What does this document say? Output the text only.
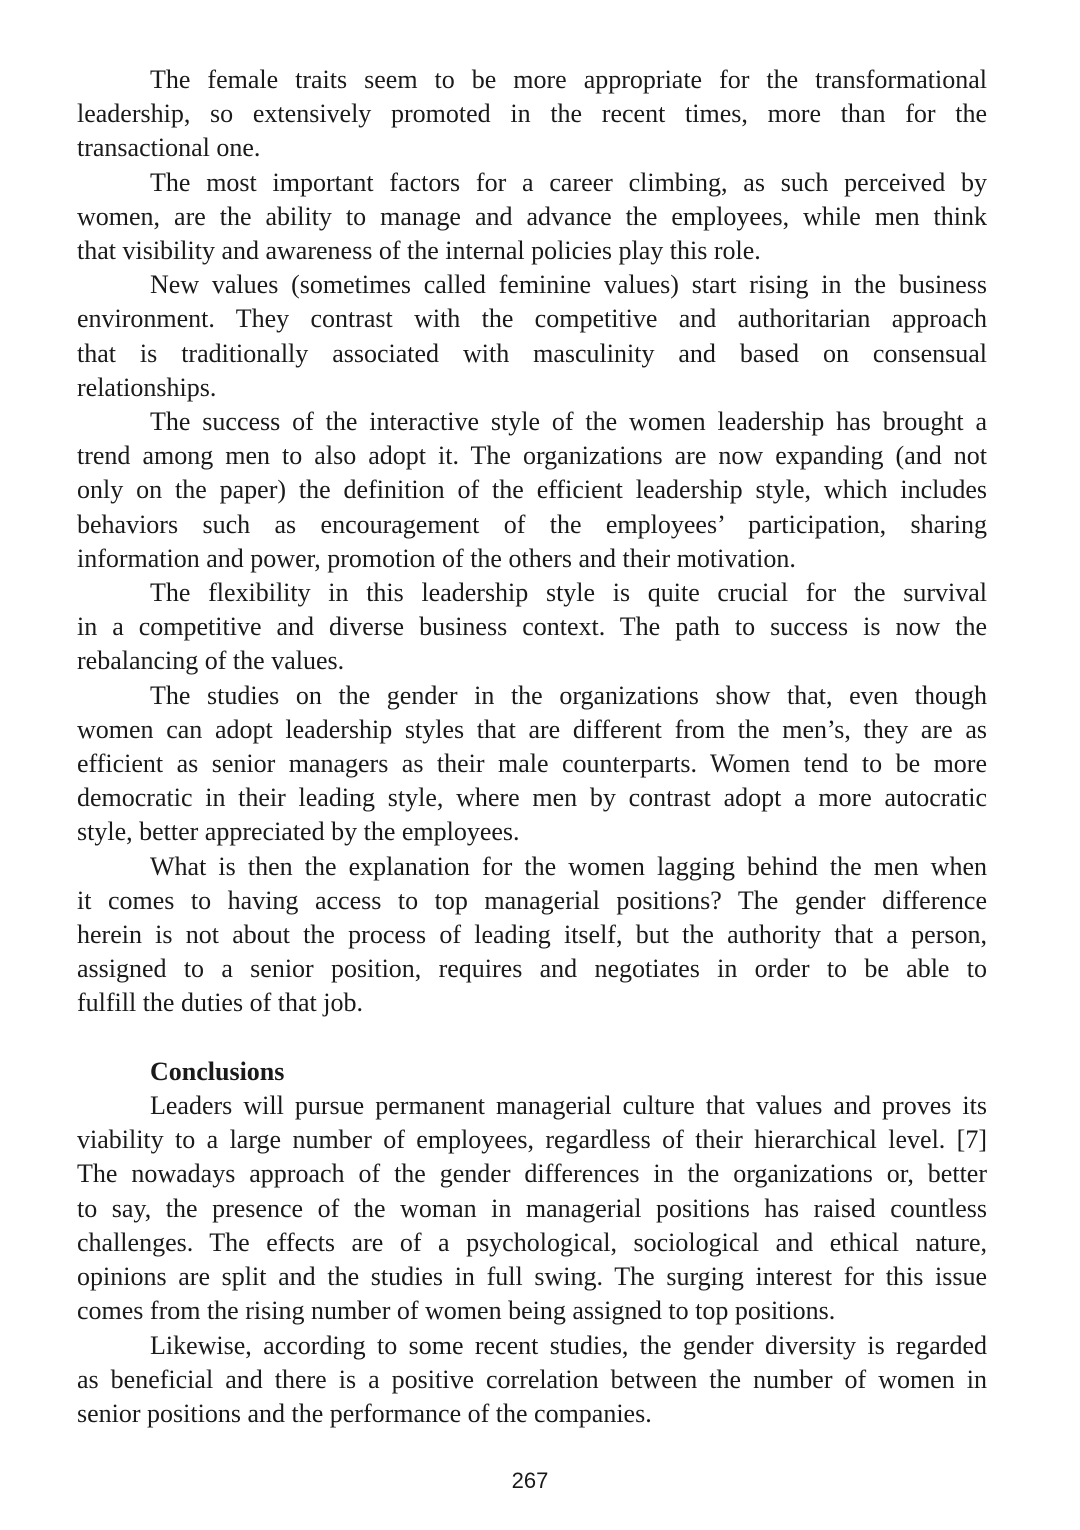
The female traits seem to be more appropriate for the transformational
leadership, so extensively promoted in the recent times, more than for the
transactional one.
The most important factors for a career climbing, as such perceived by
women, are the ability to manage and advance the employees, while men think
that visibility and awareness of the internal policies play this role.
New values (sometimes called feminine values) start rising in the business
environment. They contrast with the competitive and authoritarian approach
that is traditionally associated with masculinity and based on consensual
relationships.
The success of the interactive style of the women leadership has brought a
trend among men to also adopt it. The organizations are now expanding (and not
only on the paper) the definition of the efficient leadership style, which includes
behaviors such as encouragement of the employees’ participation, sharing
information and power, promotion of the others and their motivation.
The flexibility in this leadership style is quite crucial for the survival
in a competitive and diverse business context. The path to success is now the
rebalancing of the values.
The studies on the gender in the organizations show that, even though
women can adopt leadership styles that are different from the men’s, they are as
efficient as senior managers as their male counterparts. Women tend to be more
democratic in their leading style, where men by contrast adopt a more autocratic
style, better appreciated by the employees.
What is then the explanation for the women lagging behind the men when
it comes to having access to top managerial positions? The gender difference
herein is not about the process of leading itself, but the authority that a person,
assigned to a senior position, requires and negotiates in order to be able to
fulfill the duties of that job.
Conclusions
Leaders will pursue permanent managerial culture that values and proves its
viability to a large number of employees, regardless of their hierarchical level. [7]
The nowadays approach of the gender differences in the organizations or, better
to say, the presence of the woman in managerial positions has raised countless
challenges. The effects are of a psychological, sociological and ethical nature,
opinions are split and the studies in full swing. The surging interest for this issue
comes from the rising number of women being assigned to top positions.
Likewise, according to some recent studies, the gender diversity is regarded
as beneficial and there is a positive correlation between the number of women in
senior positions and the performance of the companies.
267
